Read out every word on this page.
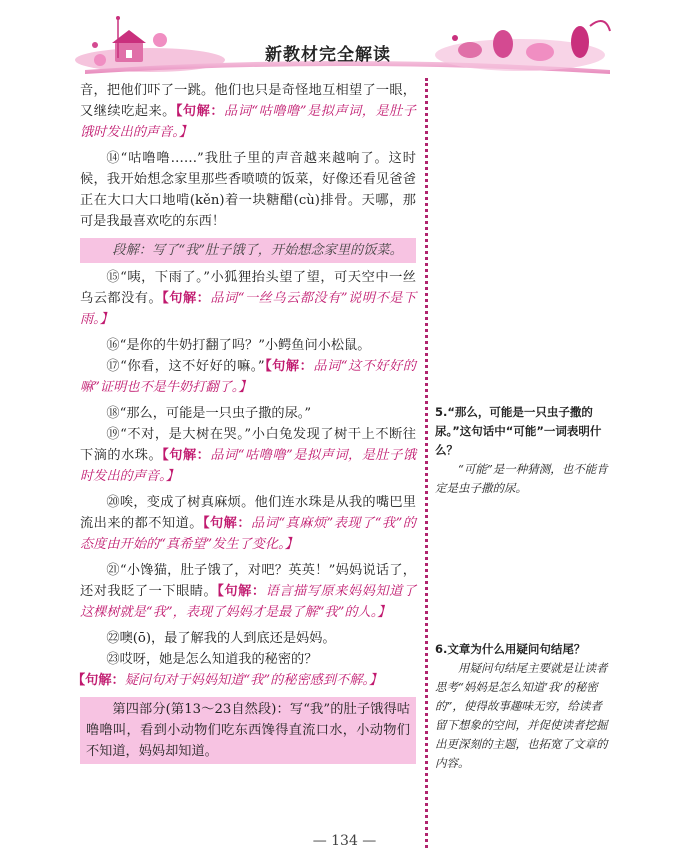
新教材完全解读

音，把他们吓了一跳。他们也只是奇怪地互相望了一眼，又继续吃起来。【句解：品词“咕噜噜”是拟声词，是肚子饿时发出的声音。】

⑭“咕噜噜……”我肚子里的声音越来越响了。这时候，我开始想念家里那些香喷喷的饭菜，好像还看见爸爸正在大口大口地啃(kěn)着一块糖醋(cù)排骨。天哪，那可是我最喜欢吃的东西！

段解：写了“我”肚子饿了，开始想念家里的饭菜。

⑮“咦，下雨了。”小狐狸抬头望了望，可天空中一丝乌云都没有。【句解：品词“一丝乌云都没有”说明不是下雨。】

⑯“是你的牛奶打翻了吗？”小鳄鱼问小松鼠。

⑰“你看，这不好好的嘛。”【句解：品词“这不好好的嘛”证明也不是牛奶打翻了。】

⑱“那么，可能是一只虫子撒的尿。”

⑲“不对，是大树在哭。”小白兔发现了树干上不断往下滴的水珠。【句解：品词“咕噜噜”是拟声词，是肚子饿时发出的声音。】

⑳唉，变成了树真麻烦。他们连水珠是从我的嘴巴里流出来的都不知道。【句解：品词“真麻烦”表现了“我”的态度由开始的“真希望”发生了变化。】

㉑“小馋猫，肚子饿了，对吧？英英！”妈妈说话了，还对我眨了一下眼睛。【句解：语言描写原来妈妈知道了这棵树就是“我”，表现了妈妈才是最了解“我”的人。】

㉒噢(ō)，最了解我的人到底还是妈妈。

㉓哎呀，她是怎么知道我的秘密的？

【句解：疑问句对于妈妈知道“我”的秘密感到不解。】

第四部分(第13～23自然段)：写“我”的肚子饿得咕噜噜叫，看到小动物们吃东西馋得直流口水，小动物们不知道，妈妈却知道。

5.“那么，可能是一只虫子撒的尿。”这句话中“可能”一词表明什么？
“可能”是一种猜测，也不能肯定是虫子撒的尿。
6.文章为什么用疑问句结尾？
用疑问句结尾主要就是让读者思考“妈妈是怎么知道‘我’的秘密的”，使得故事趣味无穷，给读者留下想象的空间，并促使读者挖掘出更深刻的主题，也拓宽了文章的内容。
— 134 —
